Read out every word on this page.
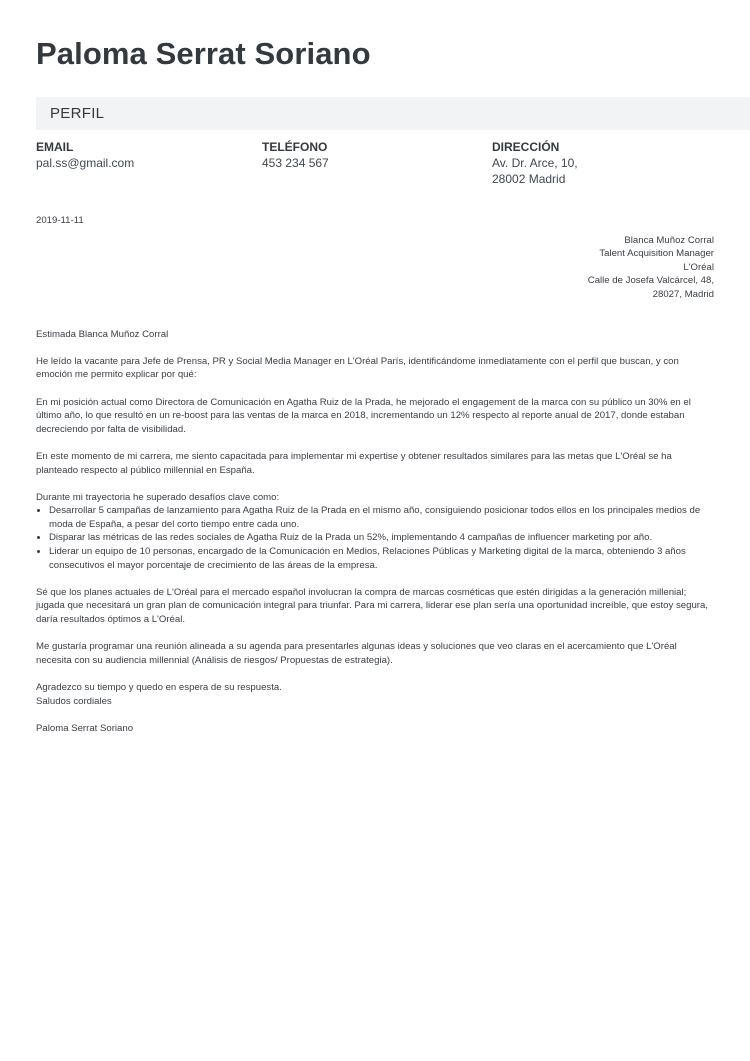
Paloma Serrat Soriano
PERFIL
EMAIL
pal.ss@gmail.com
TELÉFONO
453 234 567
DIRECCIÓN
Av. Dr. Arce, 10,
28002 Madrid
2019-11-11
Blanca Muñoz Corral
Talent Acquisition Manager
L'Oréal
Calle de Josefa Valcárcel, 48,
28027, Madrid

Estimada Blanca Muñoz Corral

He leído la vacante para Jefe de Prensa, PR y Social Media Manager en L'Oréal París, identificándome inmediatamente con el perfil que buscan, y con emoción me permito explicar por qué:

En mi posición actual como Directora de Comunicación en Agatha Ruiz de la Prada, he mejorado el engagement de la marca con su público un 30% en el último año, lo que resultó en un re-boost para las ventas de la marca en 2018, incrementando un 12% respecto al reporte anual de 2017, donde estaban decreciendo por falta de visibilidad.

En este momento de mi carrera, me siento capacitada para implementar mi expertise y obtener resultados similares para las metas que L'Oréal se ha planteado respecto al público millennial en España.

Durante mi trayectoria he superado desafíos clave como:
• Desarrollar 5 campañas de lanzamiento para Agatha Ruiz de la Prada en el mismo año, consiguiendo posicionar todos ellos en los principales medios de moda de España, a pesar del corto tiempo entre cada uno.
• Disparar las métricas de las redes sociales de Agatha Ruiz de la Prada un 52%, implementando 4 campañas de influencer marketing por año.
• Liderar un equipo de 10 personas, encargado de la Comunicación en Medios, Relaciones Públicas y Marketing digital de la marca, obteniendo 3 años consecutivos el mayor porcentaje de crecimiento de las áreas de la empresa.

Sé que los planes actuales de L'Oréal para el mercado español involucran la compra de marcas cosméticas que estén dirigidas a la generación millenial; jugada que necesitará un gran plan de comunicación integral para triunfar. Para mi carrera, liderar ese plan sería una oportunidad increíble, que estoy segura, daría resultados óptimos a L'Oréal.

Me gustaría programar una reunión alineada a su agenda para presentarles algunas ideas y soluciones que veo claras en el acercamiento que L'Oréal necesita con su audiencia millennial (Análisis de riesgos/ Propuestas de estrategia).

Agradezco su tiempo y quedo en espera de su respuesta.
Saludos cordiales
Paloma Serrat Soriano
